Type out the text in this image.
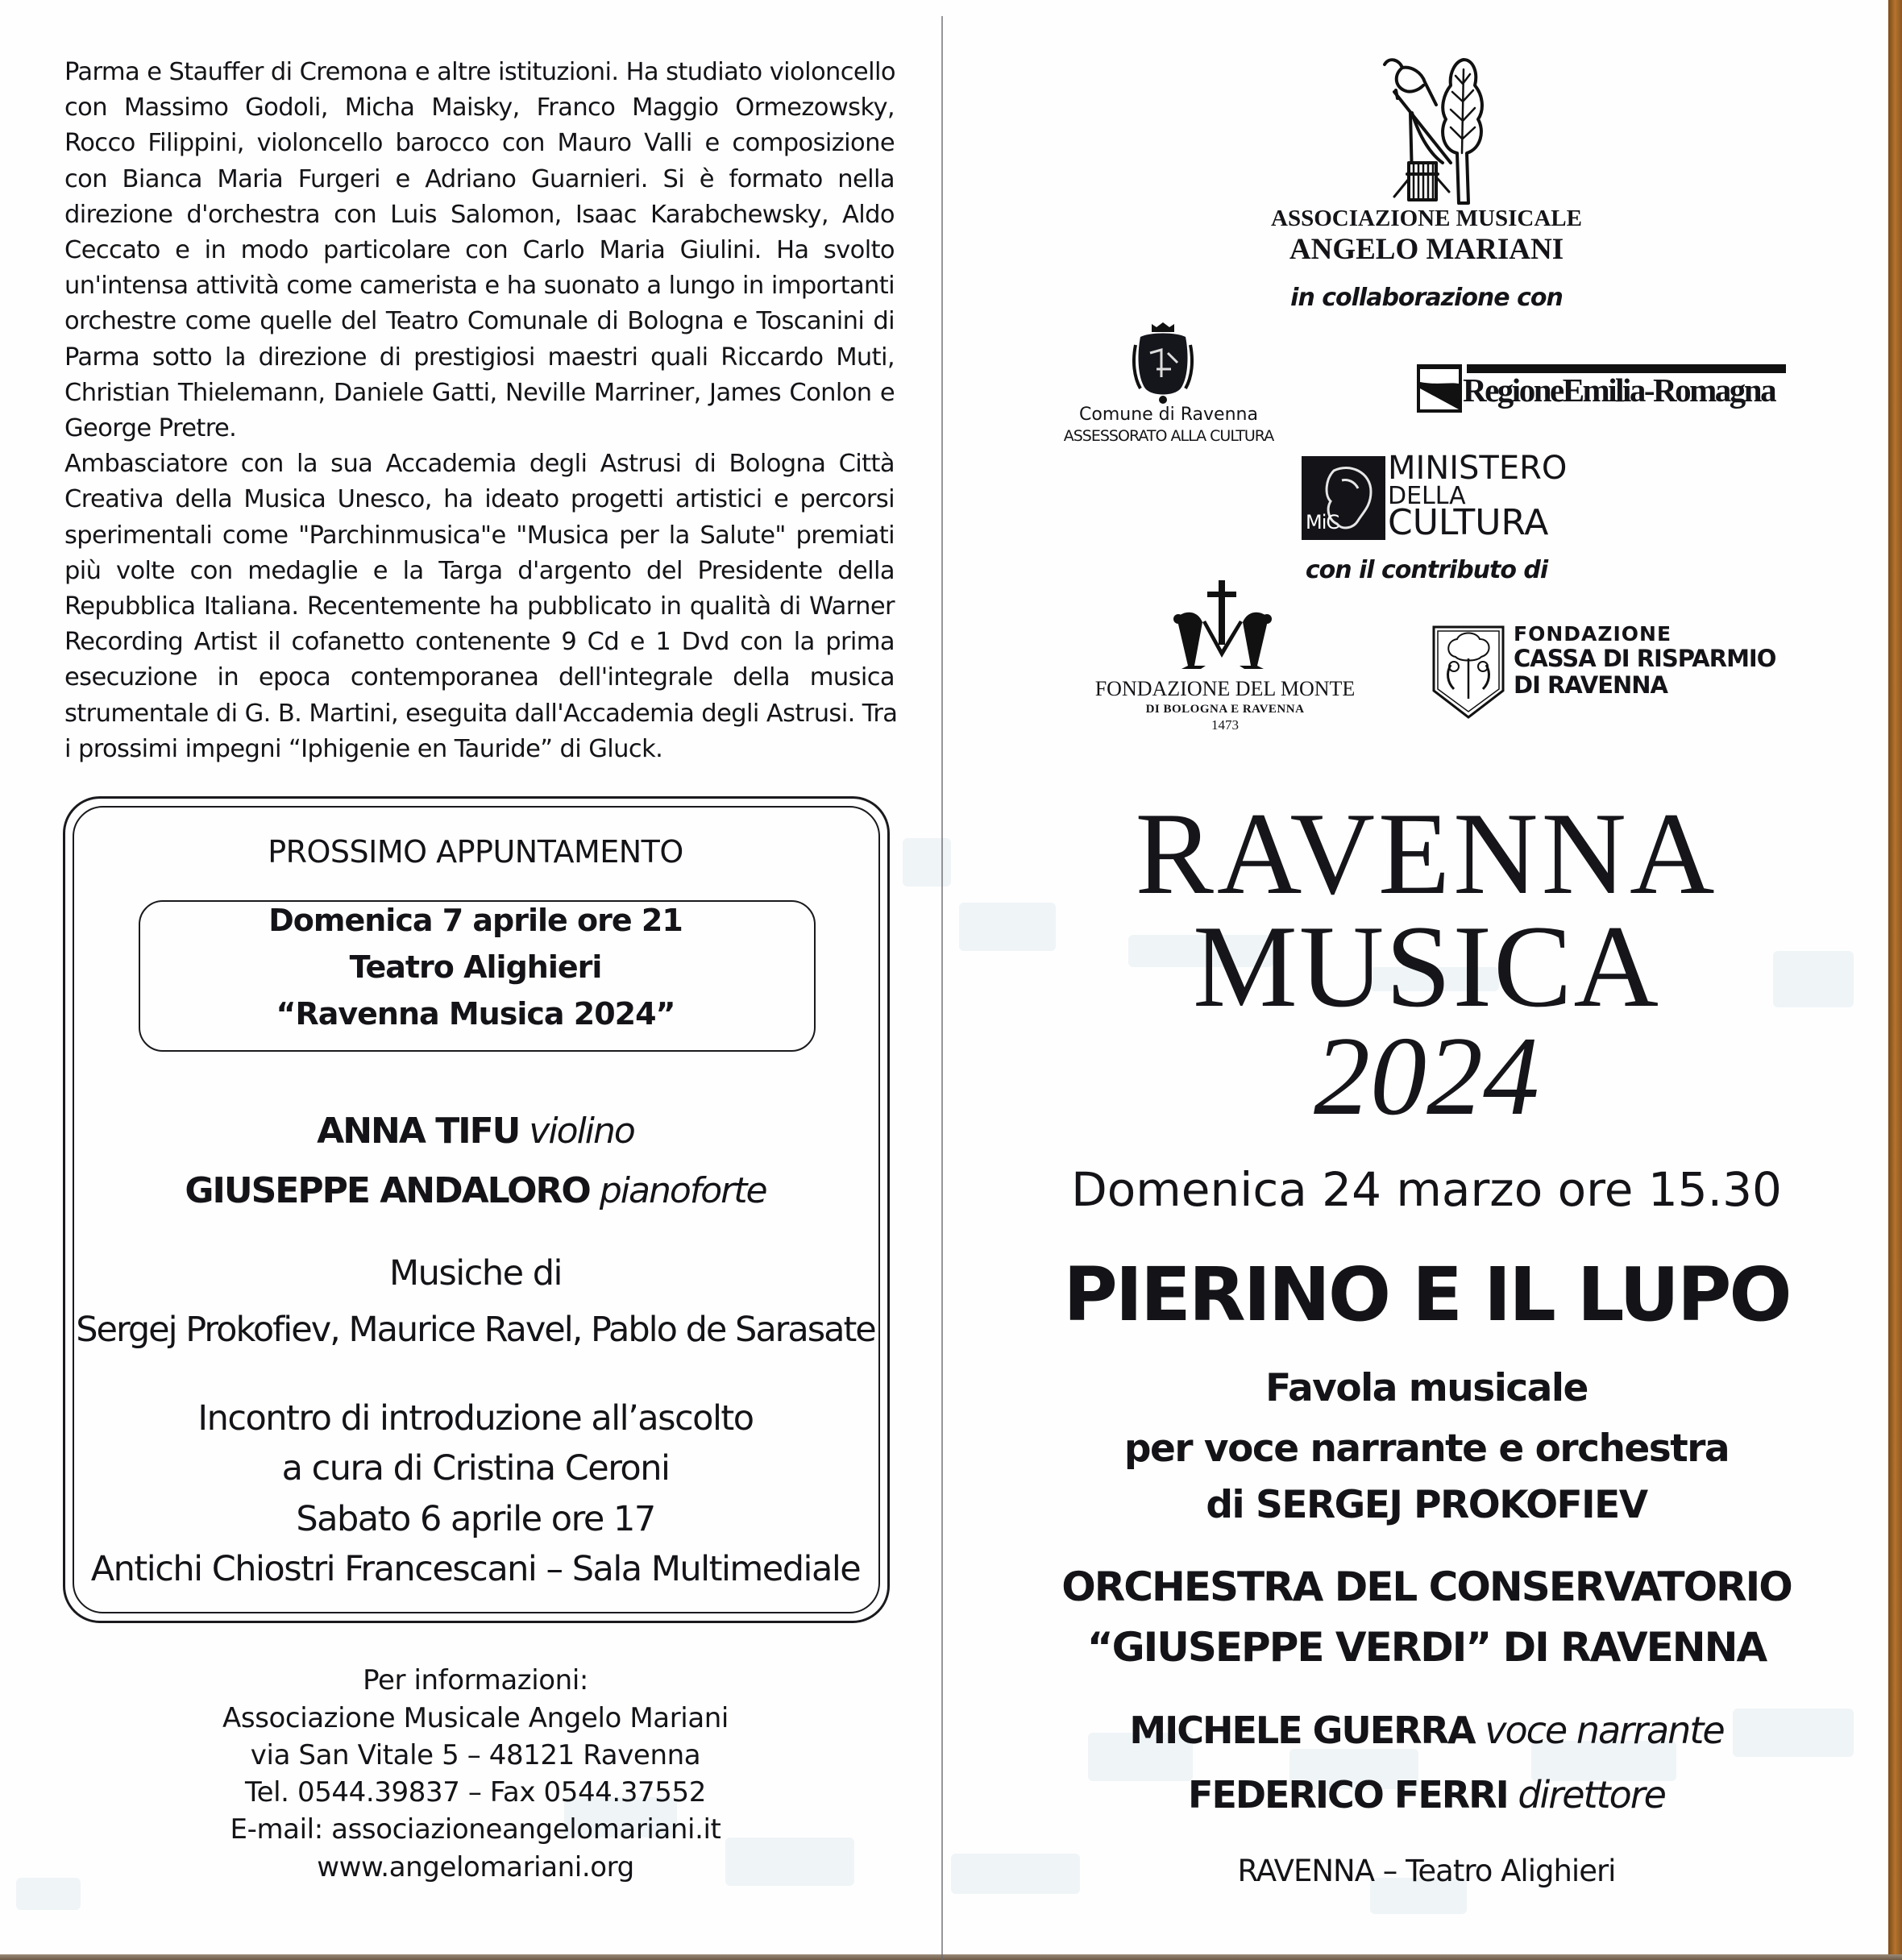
Parma e Stauffer di Cremona e altre istituzioni. Ha studiato violoncello
con Massimo Godoli, Micha Maisky, Franco Maggio Ormezowsky,
Rocco Filippini, violoncello barocco con Mauro Valli e composizione
con Bianca Maria Furgeri e Adriano Guarnieri. Si è formato nella
direzione d'orchestra con Luis Salomon, Isaac Karabchewsky, Aldo
Ceccato e in modo particolare con Carlo Maria Giulini. Ha svolto
un'intensa attività come camerista e ha suonato a lungo in importanti
orchestre come quelle del Teatro Comunale di Bologna e Toscanini di
Parma sotto la direzione di prestigiosi maestri quali Riccardo Muti,
Christian Thielemann, Daniele Gatti, Neville Marriner, James Conlon e
George Pretre.
Ambasciatore con la sua Accademia degli Astrusi di Bologna Città
Creativa della Musica Unesco, ha ideato progetti artistici e percorsi
sperimentali come "Parchinmusica"e "Musica per la Salute" premiati
più volte con medaglie e la Targa d'argento del Presidente della
Repubblica Italiana. Recentemente ha pubblicato in qualità di Warner
Recording Artist il cofanetto contenente 9 Cd e 1 Dvd con la prima
esecuzione in epoca contemporanea dell'integrale della musica
strumentale di G. B. Martini, eseguita dall'Accademia degli Astrusi. Tra
i prossimi impegni “Iphigenie en Tauride” di Gluck.
PROSSIMO APPUNTAMENTO
Domenica 7 aprile ore 21
Teatro Alighieri
“Ravenna Musica 2024”
ANNA TIFU violino
GIUSEPPE ANDALORO pianoforte
Musiche di
Sergej Prokofiev, Maurice Ravel, Pablo de Sarasate
Incontro di introduzione all’ascolto
a cura di Cristina Ceroni
Sabato 6 aprile ore 17
Antichi Chiostri Francescani – Sala Multimediale
Per informazioni:
Associazione Musicale Angelo Mariani
via San Vitale 5 – 48121 Ravenna
Tel. 0544.39837 – Fax 0544.37552
E-mail: associazioneangelomariani.it
www.angelomariani.org
ASSOCIAZIONE MUSICALE
ANGELO MARIANI
in collaborazione con
Comune di Ravenna
ASSESSORATO ALLA CULTURA
RegioneEmilia-Romagna
MiC
MINISTERO
DELLA
CULTURA
con il contributo di
FONDAZIONE DEL MONTE
DI BOLOGNA E RAVENNA
1473
FONDAZIONE
CASSA DI RISPARMIO
DI RAVENNA
RAVENNA
MUSICA
2024
Domenica 24 marzo ore 15.30
PIERINO E IL LUPO
Favola musicale
per voce narrante e orchestra
di SERGEJ PROKOFIEV
ORCHESTRA DEL CONSERVATORIO
“GIUSEPPE VERDI” DI RAVENNA
MICHELE GUERRA voce narrante
FEDERICO FERRI direttore
RAVENNA – Teatro Alighieri
